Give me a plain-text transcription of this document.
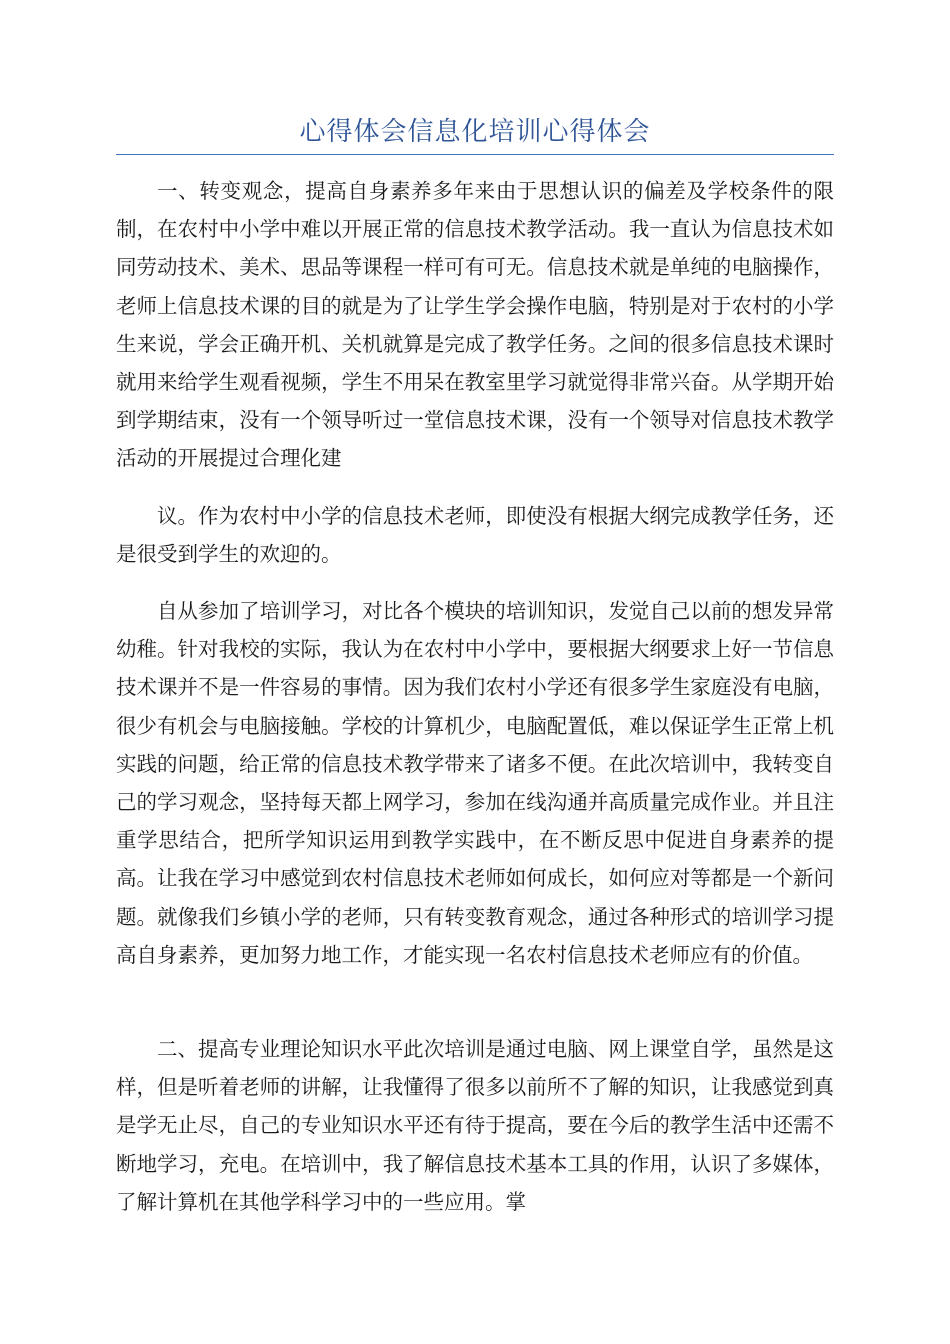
心得体会信息化培训心得体会

一、转变观念，提高自身素养多年来由于思想认识的偏差及学校条件的限制，在农村中小学中难以开展正常的信息技术教学活动。我一直认为信息技术如同劳动技术、美术、思品等课程一样可有可无。信息技术就是单纯的电脑操作，老师上信息技术课的目的就是为了让学生学会操作电脑，特别是对于农村的小学生来说，学会正确开机、关机就算是完成了教学任务。之间的很多信息技术课时就用来给学生观看视频，学生不用呆在教室里学习就觉得非常兴奋。从学期开始到学期结束，没有一个领导听过一堂信息技术课，没有一个领导对信息技术教学活动的开展提过合理化建

议。作为农村中小学的信息技术老师，即使没有根据大纲完成教学任务，还是很受到学生的欢迎的。

自从参加了培训学习，对比各个模块的培训知识，发觉自己以前的想发异常幼稚。针对我校的实际，我认为在农村中小学中，要根据大纲要求上好一节信息技术课并不是一件容易的事情。因为我们农村小学还有很多学生家庭没有电脑，很少有机会与电脑接触。学校的计算机少，电脑配置低，难以保证学生正常上机实践的问题，给正常的信息技术教学带来了诸多不便。在此次培训中，我转变自己的学习观念，坚持每天都上网学习，参加在线沟通并高质量完成作业。并且注重学思结合，把所学知识运用到教学实践中，在不断反思中促进自身素养的提高。让我在学习中感觉到农村信息技术老师如何成长，如何应对等都是一个新问题。就像我们乡镇小学的老师，只有转变教育观念，通过各种形式的培训学习提高自身素养，更加努力地工作，才能实现一名农村信息技术老师应有的价值。

二、提高专业理论知识水平此次培训是通过电脑、网上课堂自学，虽然是这样，但是听着老师的讲解，让我懂得了很多以前所不了解的知识，让我感觉到真是学无止尽，自己的专业知识水平还有待于提高，要在今后的教学生活中还需不断地学习，充电。在培训中，我了解信息技术基本工具的作用，认识了多媒体，了解计算机在其他学科学习中的一些应用。掌
